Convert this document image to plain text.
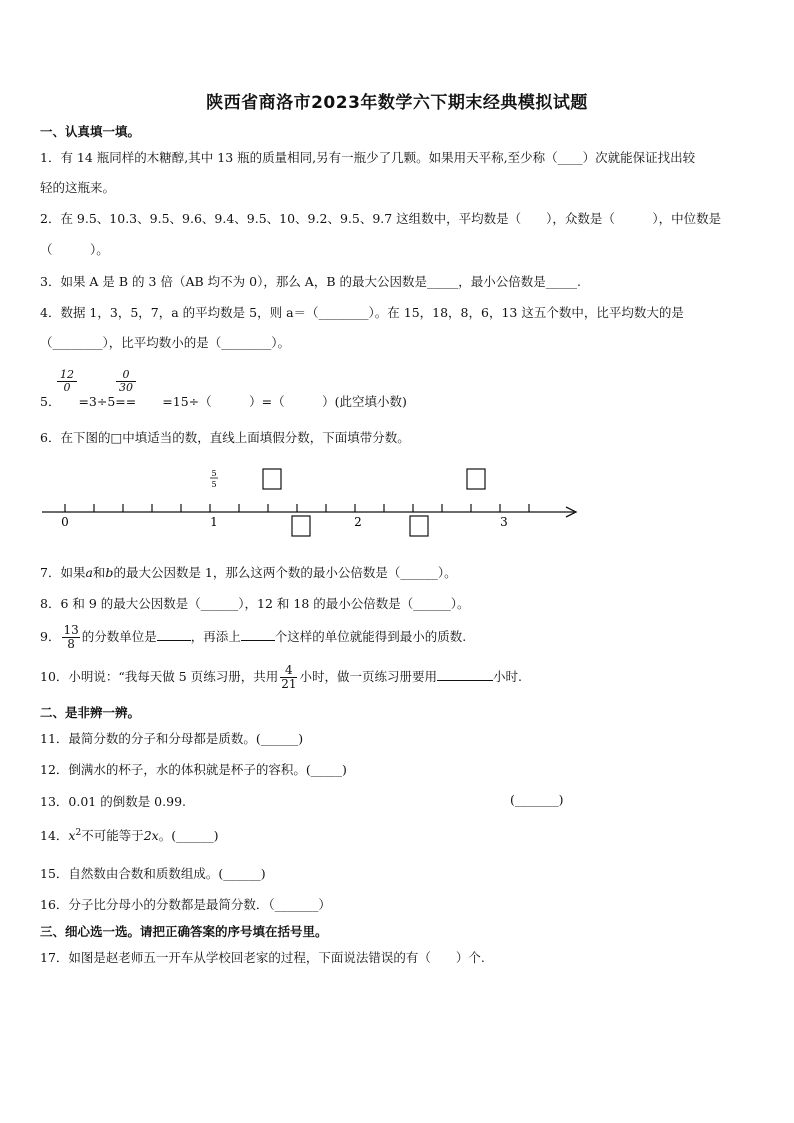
陕西省商洛市2023年数学六下期末经典模拟试题
一、认真填一填。
1．有 14 瓶同样的木糖醇,其中 13 瓶的质量相同,另有一瓶少了几颗。如果用天平称,至少称（____）次就能保证找出较
轻的这瓶来。
2．在 9.5、10.3、9.5、9.6、9.4、9.5、10、9.2、9.5、9.7 这组数中，平均数是（　　），众数是（　　　），中位数是
（　　　）。
3．如果 A 是 B 的 3 倍（AB 均不为 0），那么 A，B 的最大公因数是_____，最小公倍数是_____.
4．数据 1，3，5，7，a 的平均数是 5，则 a＝（________）。在 15，18，8，6，13 这五个数中，比平均数大的是
（________），比平均数小的是（________）。
5． =3÷5== =15÷（　　　）=（　　　）(此空填小数)
$\frac{12}{0}$	$\frac{0}{30}$
6．在下图的□中填适当的数，直线上面填假分数，下面填带分数。
0	1	2	3
5
5
7．如果a和b的最大公因数是 1，那么这两个数的最小公倍数是（______）。
8．6 和 9 的最大公因数是（______），12 和 18 的最小公倍数是（______）。
9． $\frac{13}{8}$ 的分数单位是	，再添上	个这样的单位就能得到最小的质数.
10．小明说：“我每天做 5 页练习册，共用 $\frac{4}{21}$ 小时，做一页练习册要用	小时.
二、是非辨一辨。
11．最简分数的分子和分母都是质数。(______)
12．倒满水的杯子，水的体积就是杯子的容积。(_____)
13．0.01 的倒数是 0.99.	(_______)
14．$x^2$不可能等于2x。(______)
15．自然数由合数和质数组成。(______)
16．分子比分母小的分数都是最简分数．（_______）
三、细心选一选。请把正确答案的序号填在括号里。
17．如图是赵老师五一开车从学校回老家的过程，下面说法错误的有（　　）个.
